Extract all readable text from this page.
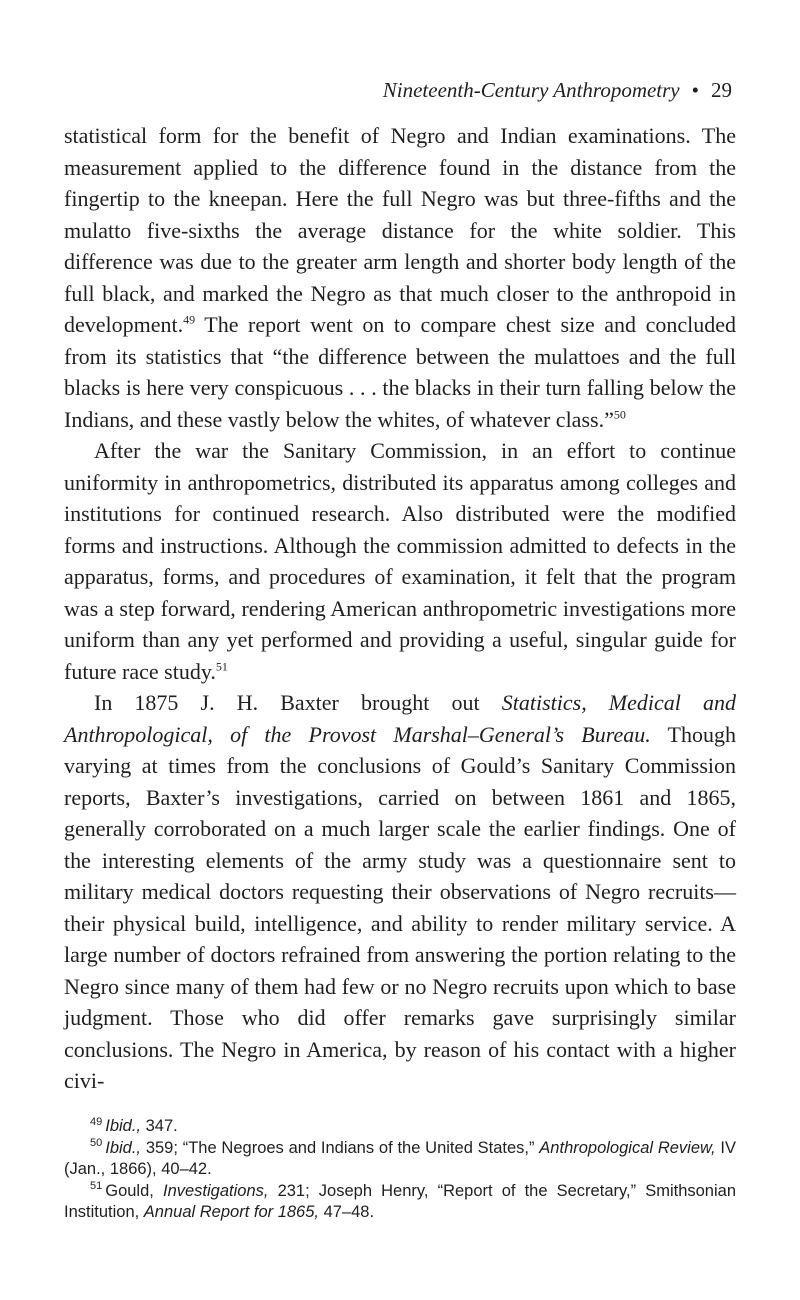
Nineteenth-Century Anthropometry • 29

statistical form for the benefit of Negro and Indian examinations. The measurement applied to the difference found in the distance from the fingertip to the kneepan. Here the full Negro was but three-fifths and the mulatto five-sixths the average distance for the white soldier. This difference was due to the greater arm length and shorter body length of the full black, and marked the Negro as that much closer to the anthropoid in development.$^{49}$ The report went on to compare chest size and concluded from its statistics that “the difference between the mulattoes and the full blacks is here very conspicuous . . . the blacks in their turn falling below the Indians, and these vastly below the whites, of whatever class.”$^{50}$

After the war the Sanitary Commission, in an effort to continue uniformity in anthropometrics, distributed its apparatus among colleges and institutions for continued research. Also distributed were the modified forms and instructions. Although the commission admitted to defects in the apparatus, forms, and procedures of examination, it felt that the program was a step forward, rendering American anthropometric investigations more uniform than any yet performed and providing a useful, singular guide for future race study.$^{51}$

In 1875 J. H. Baxter brought out Statistics, Medical and Anthropological, of the Provost Marshal–General’s Bureau. Though varying at times from the conclusions of Gould’s Sanitary Commission reports, Baxter’s investigations, carried on between 1861 and 1865, generally corroborated on a much larger scale the earlier findings. One of the interesting elements of the army study was a questionnaire sent to military medical doctors requesting their observations of Negro recruits—their physical build, intelligence, and ability to render military service. A large number of doctors refrained from answering the portion relating to the Negro since many of them had few or no Negro recruits upon which to base judgment. Those who did offer remarks gave surprisingly similar conclusions. The Negro in America, by reason of his contact with a higher civi-

$^{49}$ Ibid., 347.

$^{50}$ Ibid., 359; “The Negroes and Indians of the United States,” Anthropological Review, IV (Jan., 1866), 40–42.

$^{51}$ Gould, Investigations, 231; Joseph Henry, “Report of the Secretary,” Smithsonian Institution, Annual Report for 1865, 47–48.
